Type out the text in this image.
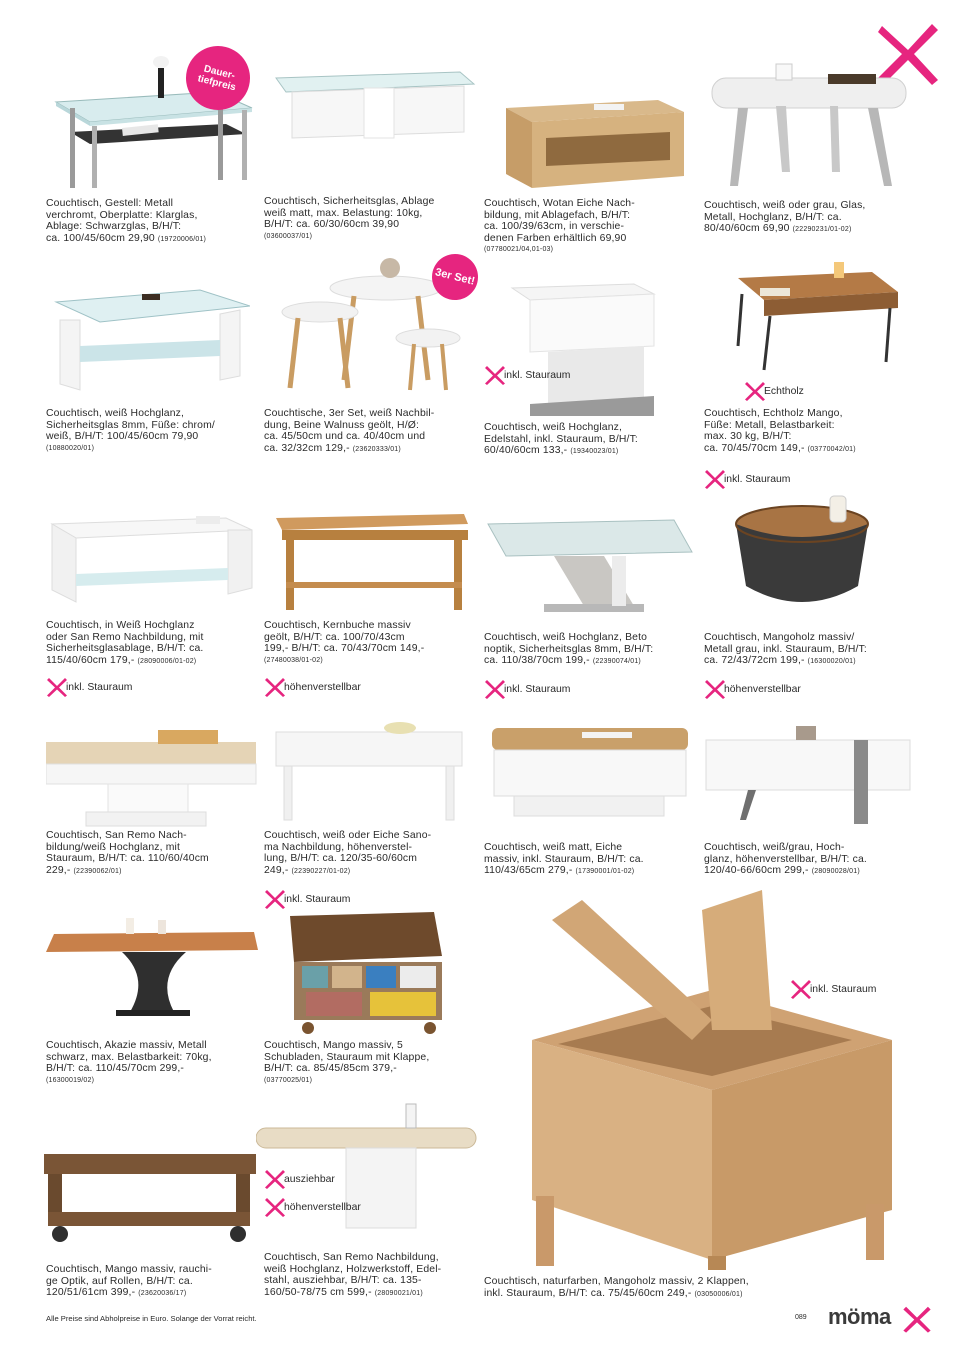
Couchtisch, Gestell: Metall
verchromt, Oberplatte: Klarglas,
Ablage: Schwarzglas, B/H/T:
ca. 100/45/60cm 29,90 (19720006/01)
Dauer-tiefpreis
Couchtisch, Sicherheitsglas, Ablage
weiß matt, max. Belastung: 10kg,
B/H/T: ca. 60/30/60cm 39,90
(03600037/01)
Couchtisch, Wotan Eiche Nach-
bildung, mit Ablagefach, B/H/T:
ca. 100/39/63cm, in verschie-
denen Farben erhältlich 69,90
(07780021/04,01-03)
Couchtisch, weiß oder grau, Glas,
Metall, Hochglanz, B/H/T: ca.
80/40/60cm 69,90 (22290231/01-02)
Couchtisch, weiß Hochglanz,
Sicherheitsglas 8mm, Füße: chrom/
weiß, B/H/T: 100/45/60cm 79,90
(10880020/01)
Couchtische, 3er Set, weiß Nachbil-
dung, Beine Walnuss geölt, H/Ø:
ca. 45/50cm und ca. 40/40cm und
ca. 32/32cm 129,- (23620333/01)
3er Set!
inkl. Stauraum
Couchtisch, weiß Hochglanz,
Edelstahl, inkl. Stauraum, B/H/T:
60/40/60cm 133,- (19340023/01)
Echtholz
Couchtisch, Echtholz Mango,
Füße: Metall, Belastbarkeit:
max. 30 kg, B/H/T:
ca. 70/45/70cm 149,- (03770042/01)
inkl. Stauraum
Couchtisch, in Weiß Hochglanz
oder San Remo Nachbildung, mit
Sicherheitsglasablage, B/H/T: ca.
115/40/60cm 179,- (28090006/01-02)
inkl. Stauraum
Couchtisch, Kernbuche massiv
geölt, B/H/T: ca. 100/70/43cm
199,- B/H/T: ca. 70/43/70cm 149,-
(27480038/01-02)
höhenverstellbar
Couchtisch, weiß Hochglanz, Beto
noptik, Sicherheitsglas 8mm, B/H/T:
ca. 110/38/70cm 199,- (22390074/01)
inkl. Stauraum
Couchtisch, Mangoholz massiv/
Metall grau, inkl. Stauraum, B/H/T:
ca. 72/43/72cm 199,- (16300020/01)
höhenverstellbar
Couchtisch, San Remo Nach-
bildung/weiß Hochglanz, mit
Stauraum, B/H/T: ca. 110/60/40cm
229,- (22390062/01)
Couchtisch, weiß oder Eiche Sano-
ma Nachbildung, höhenverstel-
lung, B/H/T: ca. 120/35-60/60cm
249,- (22390227/01-02)
inkl. Stauraum
Couchtisch, weiß matt, Eiche
massiv, inkl. Stauraum, B/H/T: ca.
110/43/65cm 279,- (17390001/01-02)
Couchtisch, weiß/grau, Hoch-
glanz, höhenverstellbar, B/H/T: ca.
120/40-66/60cm 299,- (28090028/01)
Couchtisch, Akazie massiv, Metall
schwarz, max. Belastbarkeit: 70kg,
B/H/T: ca. 110/45/70cm 299,-
(16300019/02)
Couchtisch, Mango massiv, 5
Schubladen, Stauraum mit Klappe,
B/H/T: ca. 85/45/85cm 379,-
(03770025/01)
inkl. Stauraum
Couchtisch, naturfarben, Mangoholz massiv, 2 Klappen,
inkl. Stauraum, B/H/T: ca. 75/45/60cm 249,- (03050006/01)
Couchtisch, Mango massiv, rauchi-
ge Optik, auf Rollen, B/H/T: ca.
120/51/61cm 399,- (23620036/17)
ausziehbar
höhenverstellbar
Couchtisch, San Remo Nachbildung,
weiß Hochglanz, Holzwerkstoff, Edel-
stahl, ausziehbar, B/H/T: ca. 135-
160/50-78/75 cm 599,- (28090021/01)
Alle Preise sind Abholpreise in Euro. Solange der Vorrat reicht.	089 möma
